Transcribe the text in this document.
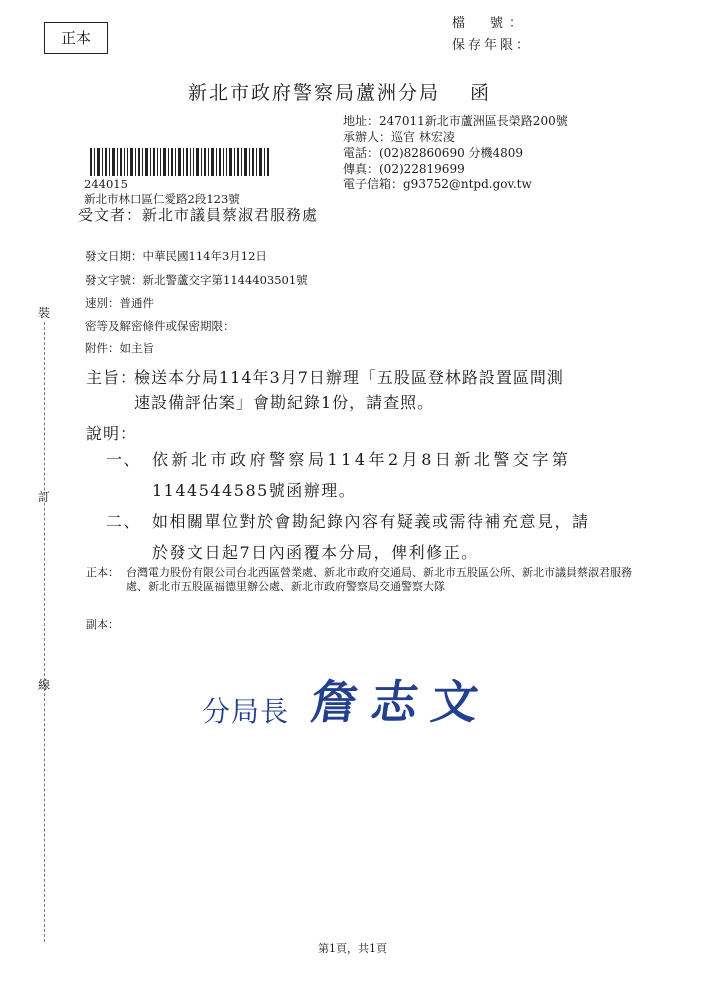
正本
檔　號：
保存年限：
新北市政府警察局蘆洲分局 函
地址：247011新北市蘆洲區長榮路200號
承辦人：巡官 林宏凌
電話：(02)82860690 分機4809
傳真：(02)22819699
電子信箱：g93752@ntpd.gov.tw
244015
新北市林口區仁愛路2段123號
受文者：新北市議員蔡淑君服務處
發文日期：中華民國114年3月12日
發文字號：新北警蘆交字第1144403501號
速別：普通件
密等及解密條件或保密期限：
附件：如主旨
主旨：
檢送本分局114年3月7日辦理「五股區登林路設置區間測
速設備評估案」會勘紀錄1份，請查照。
說明：
一、 依新北市政府警察局114年2月8日新北警交字第
1144544585號函辦理。
二、 如相關單位對於會勘紀錄內容有疑義或需待補充意見，請
於發文日起7日內函覆本分局，俾利修正。
正本： 台灣電力股份有限公司台北西區營業處、新北市政府交通局、新北市五股區公所、新北市議員蔡淑君服務處、新北市五股區福德里辦公處、新北市政府警察局交通警察大隊
副本：
裝
訂
線
分局長 詹志文
第1頁，共1頁
